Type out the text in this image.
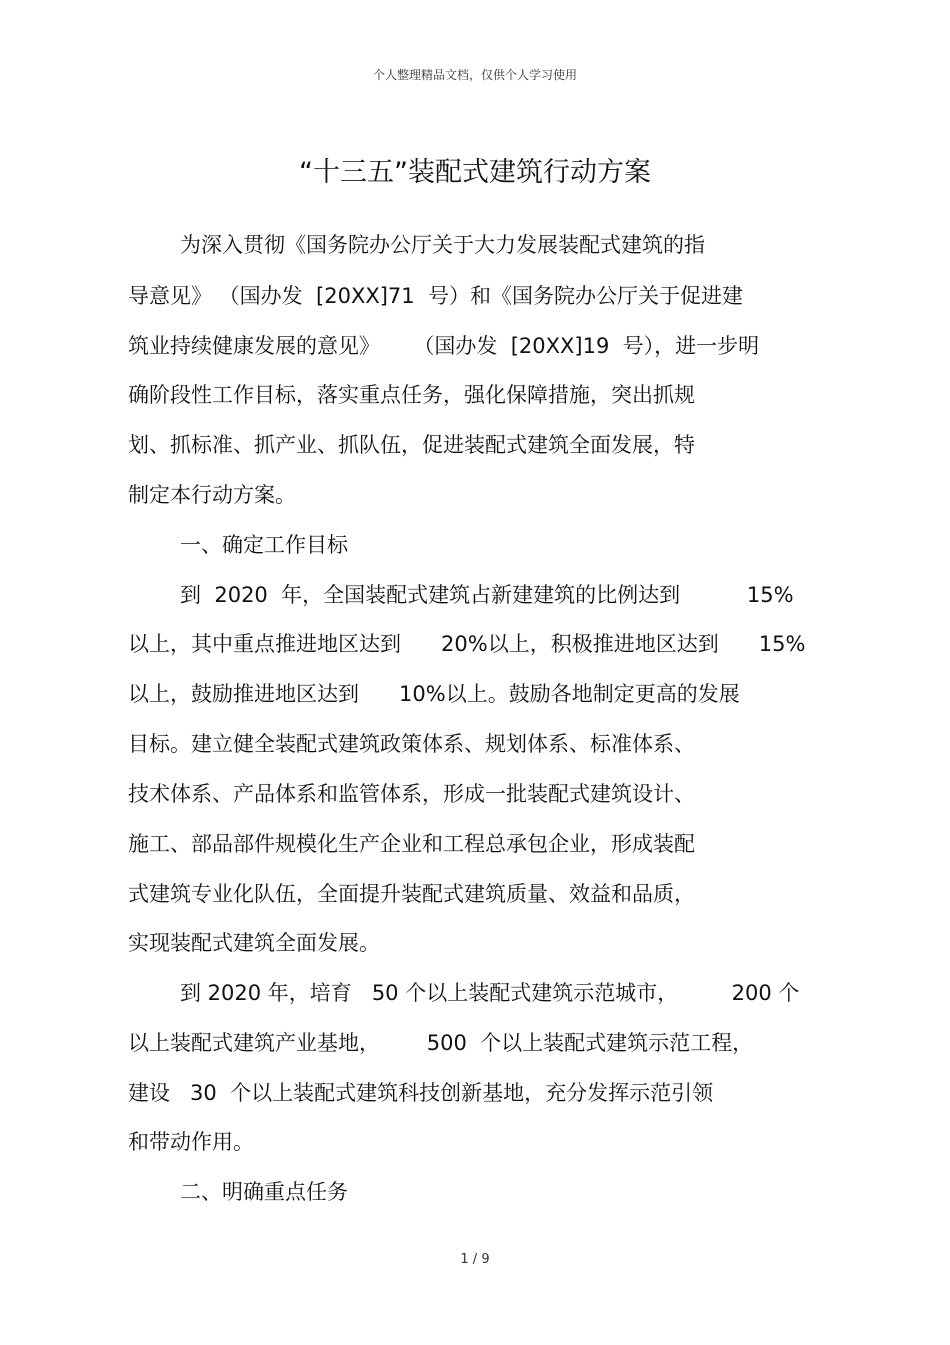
个人整理精品文档，仅供个人学习使用
“十三五”装配式建筑行动方案
为深入贯彻《国务院办公厅关于大力发展装配式建筑的指
导意见》 （国办发  [20XX]71  号）和《国务院办公厅关于促进建
筑业持续健康发展的意见》     （国办发  [20XX]19  号），进一步明
确阶段性工作目标，落实重点任务，强化保障措施，突出抓规
划、抓标准、抓产业、抓队伍，促进装配式建筑全面发展，特
制定本行动方案。
一、确定工作目标
到  2020  年，全国装配式建筑占新建建筑的比例达到          15%
以上，其中重点推进地区达到      20%以上，积极推进地区达到      15%
以上，鼓励推进地区达到      10%以上。鼓励各地制定更高的发展
目标。建立健全装配式建筑政策体系、规划体系、标准体系、
技术体系、产品体系和监管体系，形成一批装配式建筑设计、
施工、部品部件规模化生产企业和工程总承包企业，形成装配
式建筑专业化队伍，全面提升装配式建筑质量、效益和品质，
实现装配式建筑全面发展。
到 2020 年，培育   50 个以上装配式建筑示范城市，        200 个
以上装配式建筑产业基地，       500  个以上装配式建筑示范工程，
建设   30  个以上装配式建筑科技创新基地，充分发挥示范引领
和带动作用。
二、明确重点任务
1 / 9
